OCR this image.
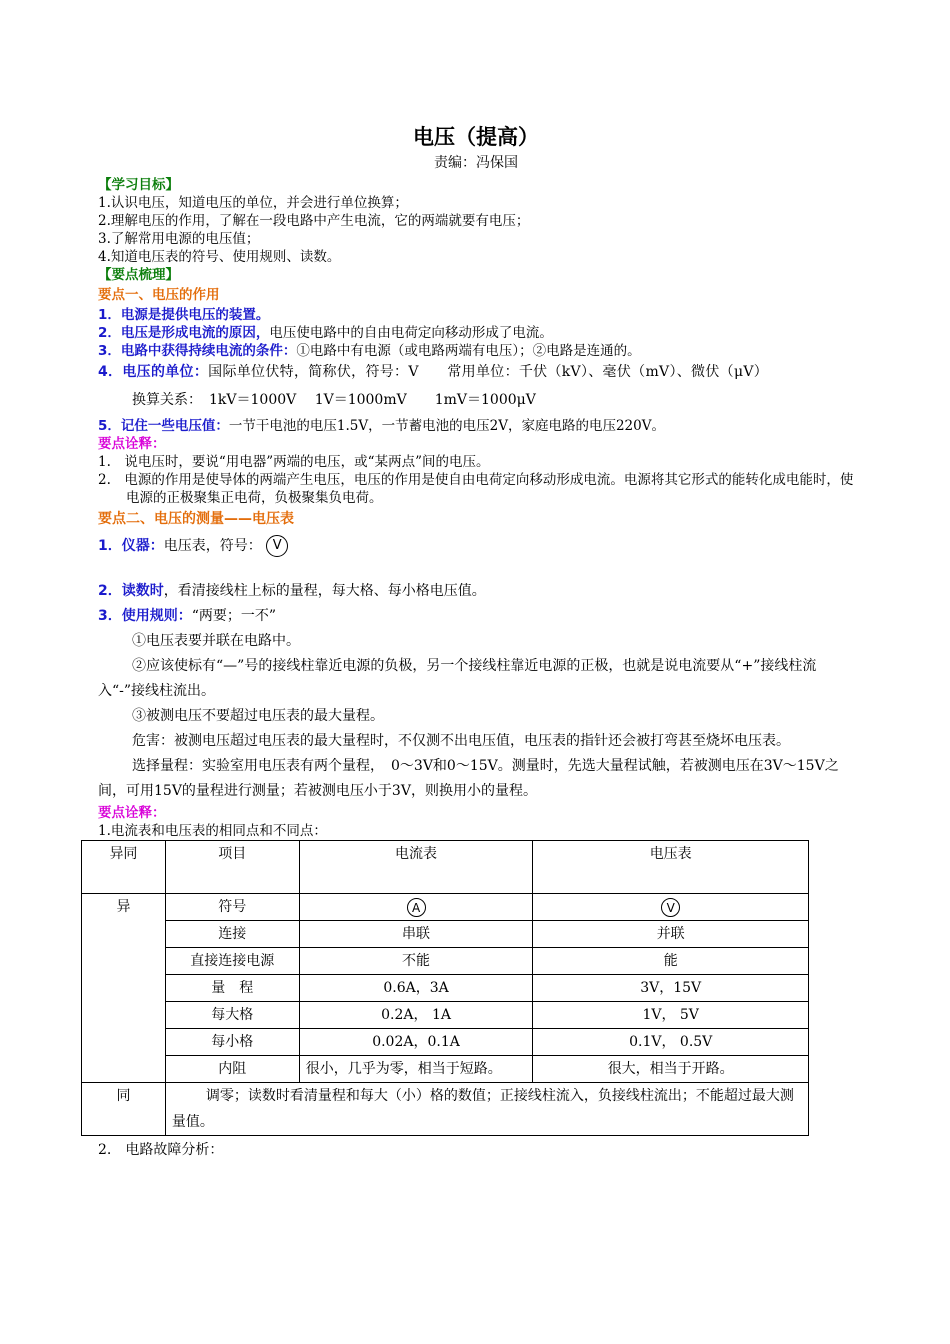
电压（提高）
责编：冯保国
【学习目标】
1.认识电压，知道电压的单位，并会进行单位换算；
2.理解电压的作用，了解在一段电路中产生电流，它的两端就要有电压；
3.了解常用电源的电压值；
4.知道电压表的符号、使用规则、读数。
【要点梳理】
要点一、电压的作用
1．电源是提供电压的装置。
2．电压是形成电流的原因，电压使电路中的自由电荷定向移动形成了电流。
3．电路中获得持续电流的条件：①电路中有电源（或电路两端有电压）；②电路是连通的。
4．电压的单位：国际单位伏特，简称伏，符号：V　　常用单位：千伏（kV）、毫伏（mV）、微伏（μV）
换算关系：　1kV＝1000V　 1V＝1000mV　　1mV＝1000μV
5．记住一些电压值：一节干电池的电压1.5V，一节蓄电池的电压2V，家庭电路的电压220V。
要点诠释：
1.　说电压时，要说“用电器”两端的电压，或“某两点”间的电压。
2.　电源的作用是使导体的两端产生电压，电压的作用是使自由电荷定向移动形成电流。电源将其它形式的能转化成电能时，使电源的正极聚集正电荷，负极聚集负电荷。
要点二、电压的测量——电压表
1．仪器：电压表，符号： V
2．读数时，看清接线柱上标的量程，每大格、每小格电压值。
3．使用规则：“两要；一不”
①电压表要并联在电路中。
②应该使标有“—”号的接线柱靠近电源的负极，另一个接线柱靠近电源的正极，也就是说电流要从“+”接线柱流入“-”接线柱流出。
③被测电压不要超过电压表的最大量程。
危害：被测电压超过电压表的最大量程时，不仅测不出电压值，电压表的指针还会被打弯甚至烧坏电压表。
选择量程：实验室用电压表有两个量程，　0～3V和0～15V。测量时，先选大量程试触，若被测电压在3V～15V之间，可用15V的量程进行测量；若被测电压小于3V，则换用小的量程。
要点诠释：
1.电流表和电压表的相同点和不同点：
异同	项目	电流表	电压表
异	符号	A	V
	连接	串联	并联
	直接连接电源	不能	能
	量　程	0.6A，3A	3V，15V
	每大格	0.2A， 1A	1V， 5V
	每小格	0.02A，0.1A	0.1V， 0.5V
	内阻	很小，几乎为零，相当于短路。	很大，相当于开路。
同	调零；读数时看清量程和每大（小）格的数值；正接线柱流入，负接线柱流出；不能超过最大测量值。		
2.　电路故障分析：
